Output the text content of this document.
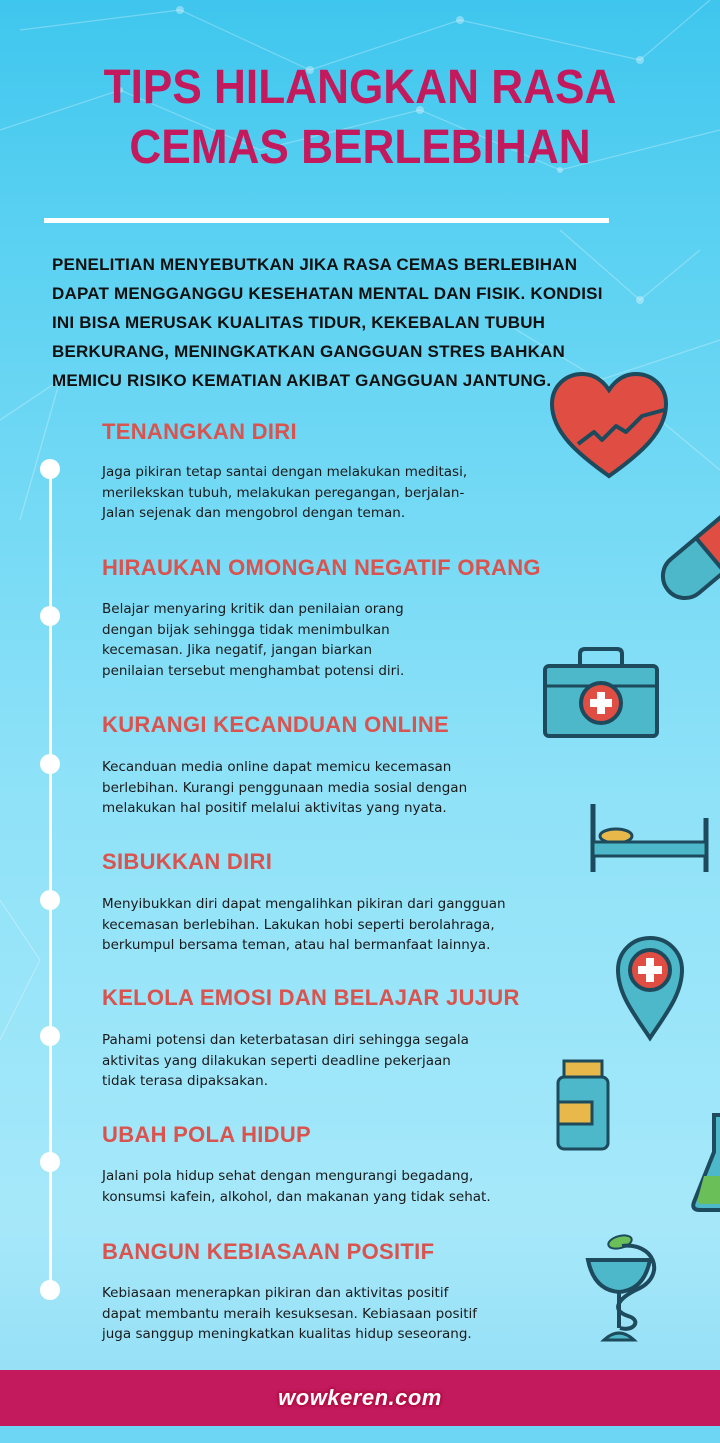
TIPS HILANGKAN RASA
CEMAS BERLEBIHAN
PENELITIAN MENYEBUTKAN JIKA RASA CEMAS BERLEBIHAN
DAPAT MENGGANGGU KESEHATAN MENTAL DAN FISIK. KONDISI
INI BISA MERUSAK KUALITAS TIDUR, KEKEBALAN TUBUH
BERKURANG, MENINGKATKAN GANGGUAN STRES BAHKAN
MEMICU RISIKO KEMATIAN AKIBAT GANGGUAN JANTUNG.
TENANGKAN DIRI
Jaga pikiran tetap santai dengan melakukan meditasi,
merilekskan tubuh, melakukan peregangan, berjalan-
Jalan sejenak dan mengobrol dengan teman.
HIRAUKAN OMONGAN NEGATIF ORANG
Belajar menyaring kritik dan penilaian orang
dengan bijak sehingga tidak menimbulkan
kecemasan. Jika negatif, jangan biarkan
penilaian tersebut menghambat potensi diri.
KURANGI KECANDUAN ONLINE
Kecanduan media online dapat memicu kecemasan
berlebihan. Kurangi penggunaan media sosial dengan
melakukan hal positif melalui aktivitas yang nyata.
SIBUKKAN DIRI
Menyibukkan diri dapat mengalihkan pikiran dari gangguan
kecemasan berlebihan. Lakukan hobi seperti berolahraga,
berkumpul bersama teman, atau hal bermanfaat lainnya.
KELOLA EMOSI DAN BELAJAR JUJUR
Pahami potensi dan keterbatasan diri sehingga segala
aktivitas yang dilakukan seperti deadline pekerjaan
tidak terasa dipaksakan.
UBAH POLA HIDUP
Jalani pola hidup sehat dengan mengurangi begadang,
konsumsi kafein, alkohol, dan makanan yang tidak sehat.
BANGUN KEBIASAAN POSITIF
Kebiasaan menerapkan pikiran dan aktivitas positif
dapat membantu meraih kesuksesan. Kebiasaan positif
juga sanggup meningkatkan kualitas hidup seseorang.
wowkeren.com
